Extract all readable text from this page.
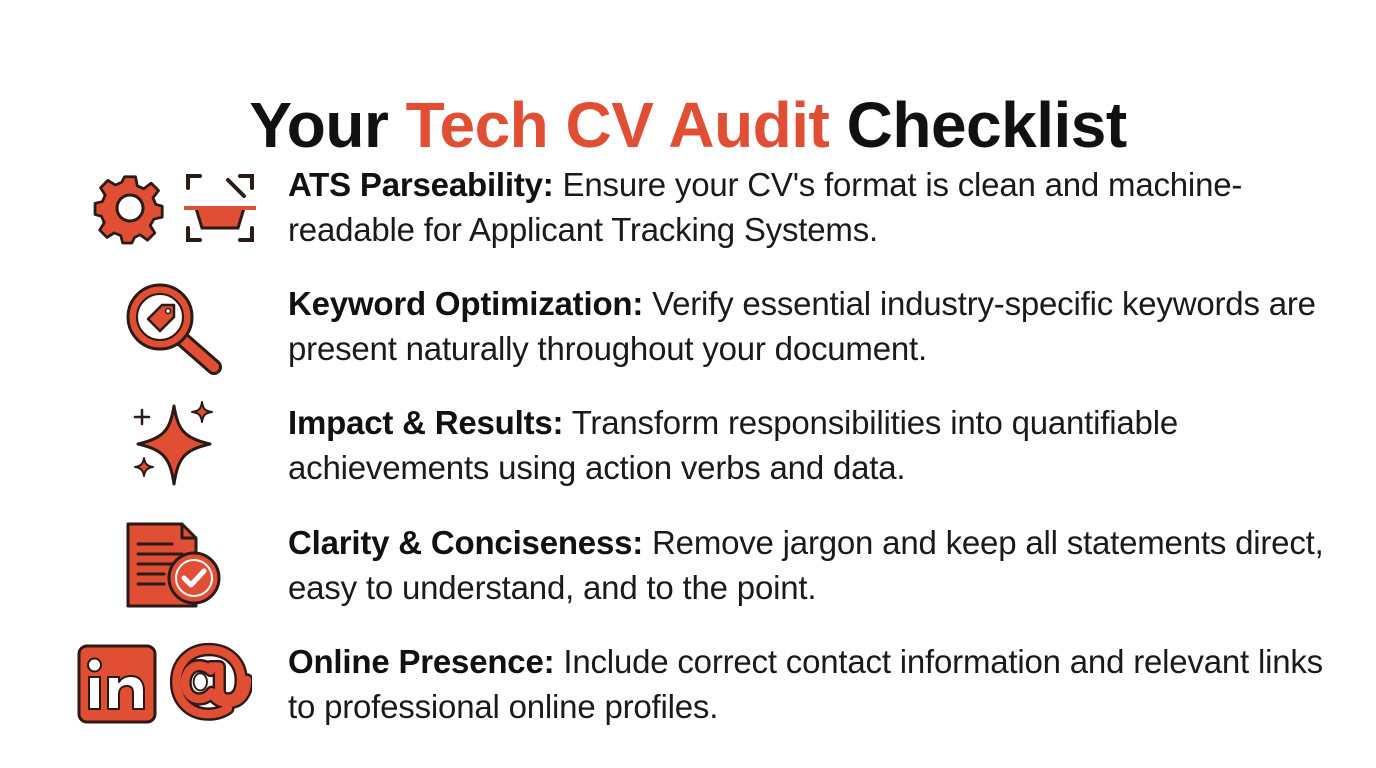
Your Tech CV Audit Checklist
ATS Parseability: Ensure your CV's format is clean and machine-readable for Applicant Tracking Systems.
Keyword Optimization: Verify essential industry-specific keywords are present naturally throughout your document.
Impact & Results: Transform responsibilities into quantifiable achievements using action verbs and data.
Clarity & Conciseness: Remove jargon and keep all statements direct, easy to understand, and to the point.
Online Presence: Include correct contact information and relevant links to professional online profiles.
